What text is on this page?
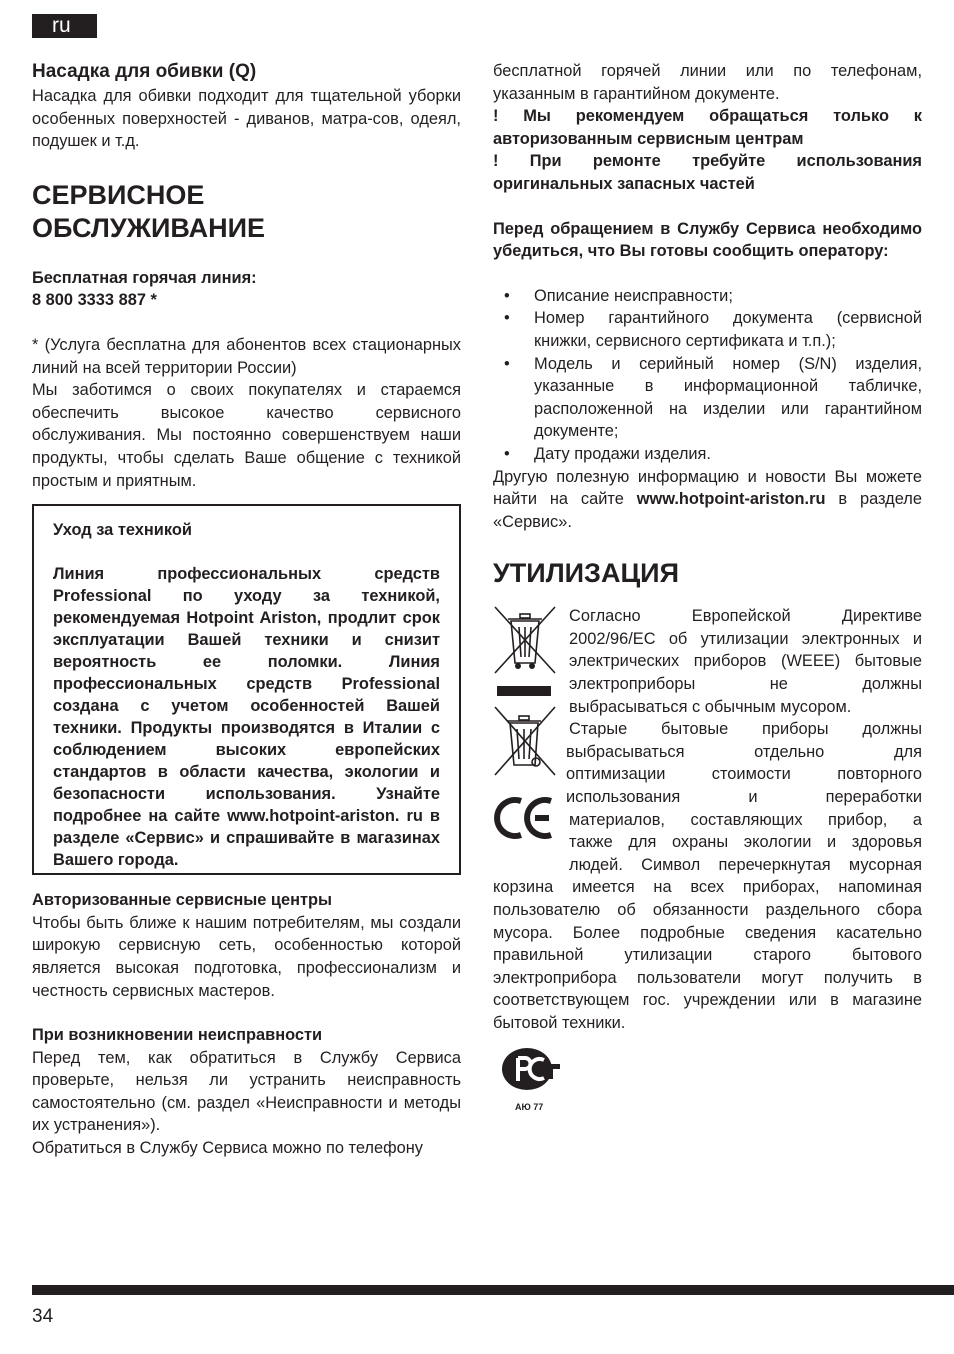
ru
Насадка для обивки (Q)

Насадка для обивки подходит для тщательной уборки особенных поверхностей - диванов, матра-сов, одеял, подушек и т.д.

СЕРВИСНОЕ
ОБСЛУЖИВАНИЕ

Бесплатная горячая линия:

8 800 3333 887 *

* (Услуга бесплатна для абонентов всех стационарных линий на всей территории России)

Мы заботимся о своих покупателях и стараемся обеспечить высокое качество сервисного обслуживания. Мы постоянно совершенствуем наши продукты, чтобы сделать Ваше общение с техникой простым и приятным.

Уход за техникой

Линия профессиональных средств Professional по уходу за техникой, рекомендуемая Hotpoint Ariston, продлит срок эксплуатации Вашей техники и снизит вероятность ее поломки. Линия профессиональных средств Professional создана с учетом особенностей Вашей техники. Продукты производятся в Италии с соблюдением высоких европейских стандартов в области качества, экологии и безопасности использования. Узнайте подробнее на сайте www.hotpoint-ariston. ru в разделе «Сервис» и спрашивайте в магазинах Вашего города.

Авторизованные сервисные центры

Чтобы быть ближе к нашим потребителям, мы создали широкую сервисную сеть, особенностью которой является высокая подготовка, профессионализм и честность сервисных мастеров.

При возникновении неисправности

Перед тем, как обратиться в Службу Сервиса проверьте, нельзя ли устранить неисправность самостоятельно (см. раздел «Неисправности и методы их устранения»).

Обратиться в Службу Сервиса можно по телефону

бесплатной горячей линии или по телефонам, указанным в гарантийном документе.

! Мы рекомендуем обращаться только к авторизованным сервисным центрам

! При ремонте требуйте использования оригинальных запасных частей

Перед обращением в Службу Сервиса необходимо убедиться, что Вы готовы сообщить оператору:

• Описание неисправности;
• Номер гарантийного документа (сервисной книжки, сервисного сертификата и т.п.);
• Модель и серийный номер (S/N) изделия, указанные в информационной табличке, расположенной на изделии или гарантийном документе;
• Дату продажи изделия.

Другую полезную информацию и новости Вы можете найти на сайте www.hotpoint-ariston.ru в разделе «Сервис».

УТИЛИЗАЦИЯ
Согласно Европейской Директиве
2002/96/ЕС об утилизации электронных и
электрических приборов (WEEE) бытовые
электроприборы не должны
выбрасываться с обычным мусором.
Старые бытовые приборы должны
выбрасываться отдельно для
оптимизации стоимости повторного
использования и переработки
материалов, составляющих прибор, а
также для охраны экологии и здоровья
людей. Символ перечеркнутая мусорная

корзина имеется на всех приборах, напоминая пользователю об обязанности раздельного сбора мусора. Более подробные сведения касательно правильной утилизации старого бытового электроприбора пользователи могут получить в соответствующем гос. учреждении или в магазине бытовой техники.

АЮ 77
34
